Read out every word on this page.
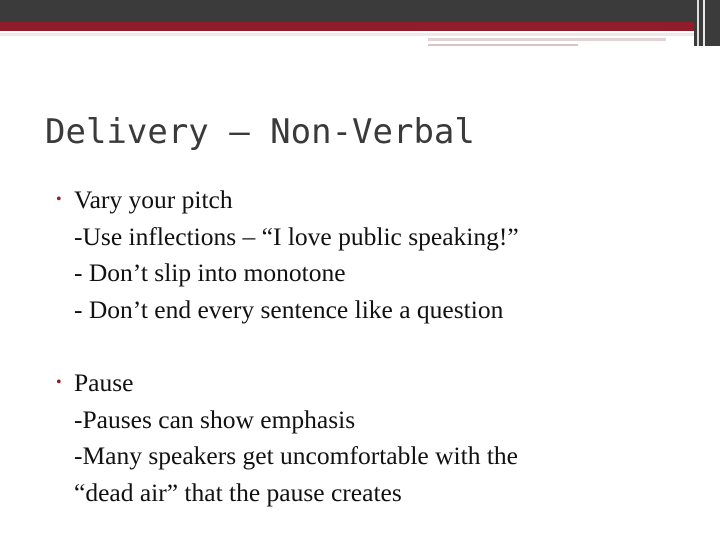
Delivery – Non-Verbal
• Vary your pitch
-Use inflections – “I love public speaking!”
- Don’t slip into monotone
- Don’t end every sentence like a question
• Pause
-Pauses can show emphasis
-Many speakers get uncomfortable with the
“dead air” that the pause creates
